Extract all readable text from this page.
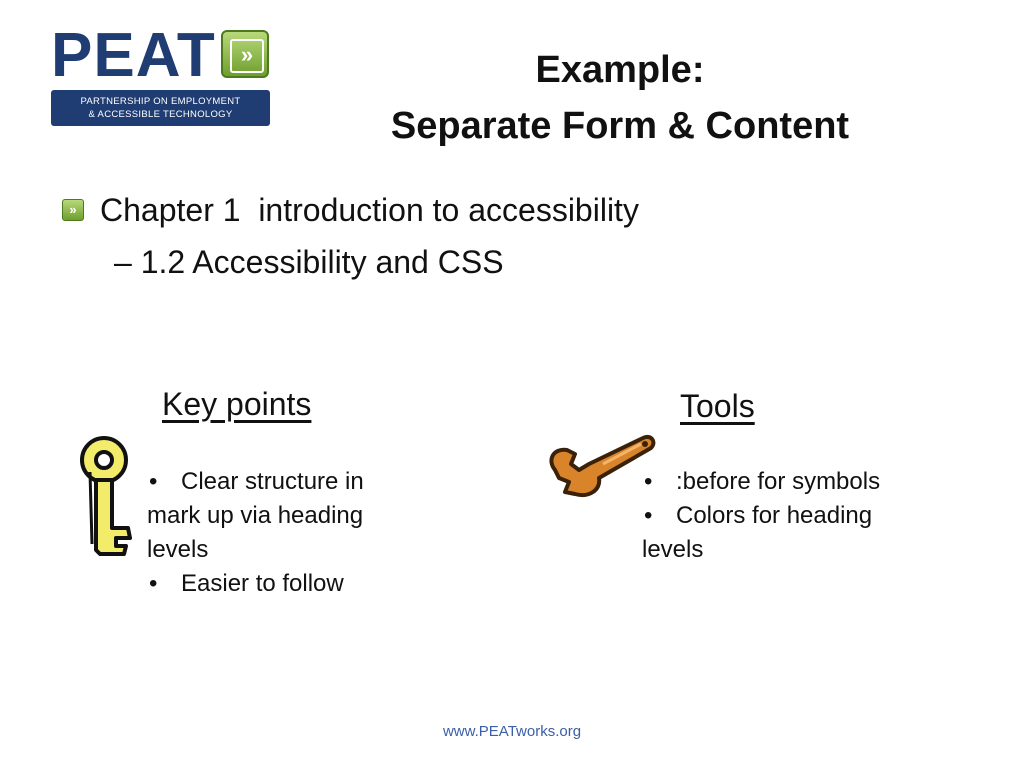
PEAT	»
PARTNERSHIP ON EMPLOYMENT
& ACCESSIBLE TECHNOLOGY
Example:
Separate Form & Content
» Chapter 1  introduction to accessibility
– 1.2 Accessibility and CSS
Key points
• Clear structure in mark up via heading levels
• Easier to follow
Tools
• :before for symbols
• Colors for heading levels
www.PEATworks.org
